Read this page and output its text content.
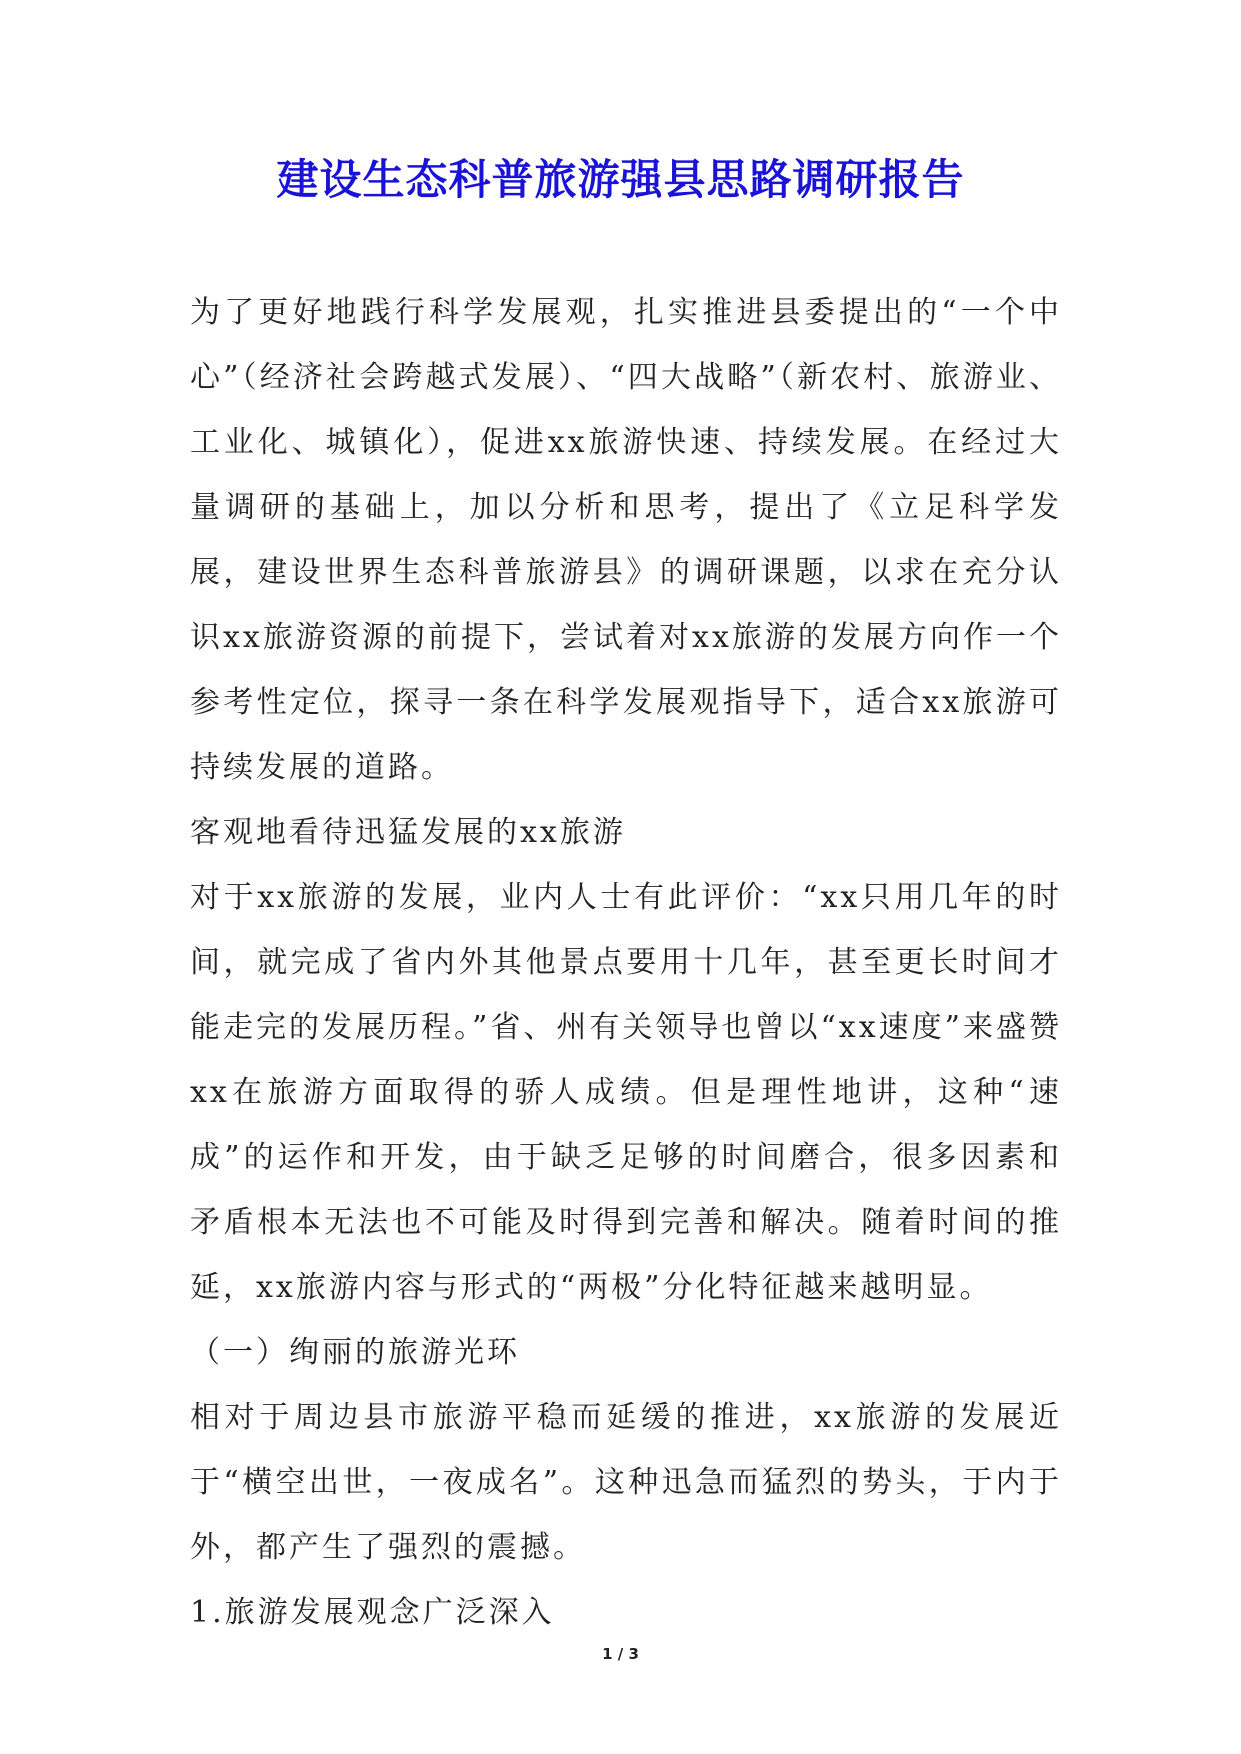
建设生态科普旅游强县思路调研报告

为了更好地践行科学发展观，扎实推进县委提出的“一个中心”（经济社会跨越式发展）、“四大战略”（新农村、旅游业、工业化、城镇化），促进xx旅游快速、持续发展。在经过大量调研的基础上，加以分析和思考，提出了《立足科学发展，建设世界生态科普旅游县》的调研课题，以求在充分认识xx旅游资源的前提下，尝试着对xx旅游的发展方向作一个参考性定位，探寻一条在科学发展观指导下，适合xx旅游可持续发展的道路。

客观地看待迅猛发展的xx旅游

对于xx旅游的发展，业内人士有此评价：“xx只用几年的时间，就完成了省内外其他景点要用十几年，甚至更长时间才能走完的发展历程。”省、州有关领导也曾以“xx速度”来盛赞xx在旅游方面取得的骄人成绩。但是理性地讲，这种“速成”的运作和开发，由于缺乏足够的时间磨合，很多因素和矛盾根本无法也不可能及时得到完善和解决。随着时间的推延，xx旅游内容与形式的“两极”分化特征越来越明显。

（一）绚丽的旅游光环

相对于周边县市旅游平稳而延缓的推进，xx旅游的发展近于“横空出世，一夜成名”。这种迅急而猛烈的势头，于内于外，都产生了强烈的震撼。

1.旅游发展观念广泛深入

1 / 3
